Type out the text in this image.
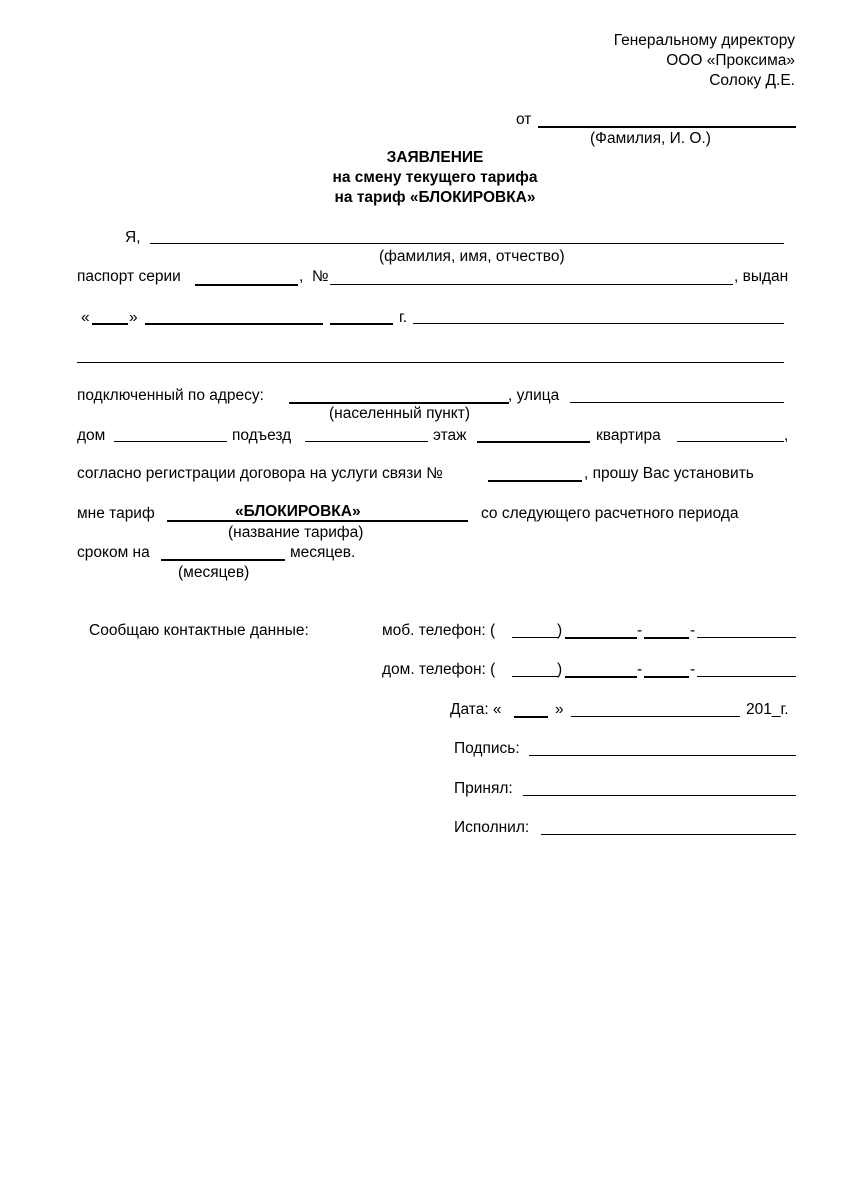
Генеральному директору
ООО «Проксима»
Солоку Д.Е.
от
(Фамилия, И. О.)
ЗАЯВЛЕНИЕ
на смену текущего тарифа
на тариф «БЛОКИРОВКА»
Я,
(фамилия, имя, отчество)
паспорт серии	, №	, выдан
«	»	г.
подключенный по адресу:	, улица
(населенный пункт)
дом	подъезд	этаж	квартира	,
согласно регистрации договора на услуги связи №	, прошу Вас установить
мне тариф	«БЛОКИРОВКА»	со следующего расчетного периода
(название тарифа)
сроком на	месяцев.
(месяцев)
Сообщаю контактные данные:	моб. телефон: (	)	-	-
дом. телефон: (	)	-	-
Дата: «	»	201_г.
Подпись:
Принял:
Исполнил:
